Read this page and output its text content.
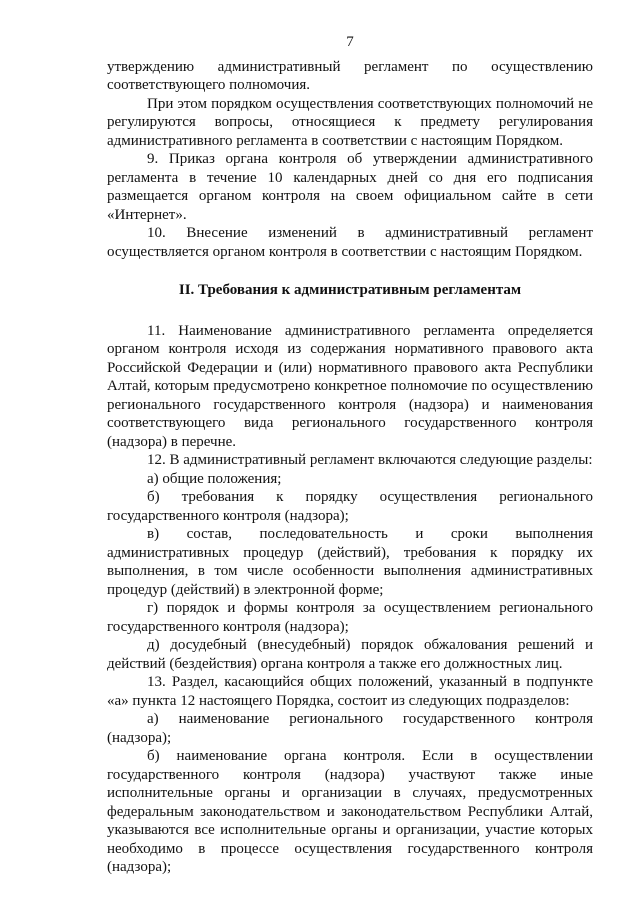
7

утверждению административный регламент по осуществлению соответствующего полномочия.

При этом порядком осуществления соответствующих полномочий не регулируются вопросы, относящиеся к предмету регулирования административного регламента в соответствии с настоящим Порядком.

9. Приказ органа контроля об утверждении административного регламента в течение 10 календарных дней со дня его подписания размещается органом контроля на своем официальном сайте в сети «Интернет».

10. Внесение изменений в административный регламент осуществляется органом контроля в соответствии с настоящим Порядком.

II. Требования к административным регламентам

11. Наименование административного регламента определяется органом контроля исходя из содержания нормативного правового акта Российской Федерации и (или) нормативного правового акта Республики Алтай, которым предусмотрено конкретное полномочие по осуществлению регионального государственного контроля (надзора) и наименования соответствующего вида регионального государственного контроля (надзора) в перечне.

12. В административный регламент включаются следующие разделы:

а) общие положения;

б) требования к порядку осуществления регионального государственного контроля (надзора);

в) состав, последовательность и сроки выполнения административных процедур (действий), требования к порядку их выполнения, в том числе особенности выполнения административных процедур (действий) в электронной форме;

г) порядок и формы контроля за осуществлением регионального государственного контроля (надзора);

д) досудебный (внесудебный) порядок обжалования решений и действий (бездействия) органа контроля а также его должностных лиц.

13. Раздел, касающийся общих положений, указанный в подпункте «а» пункта 12 настоящего Порядка, состоит из следующих подразделов:

а) наименование регионального государственного контроля (надзора);

б) наименование органа контроля. Если в осуществлении государственного контроля (надзора) участвуют также иные исполнительные органы и организации в случаях, предусмотренных федеральным законодательством и законодательством Республики Алтай, указываются все исполнительные органы и организации, участие которых необходимо в процессе осуществления государственного контроля (надзора);
